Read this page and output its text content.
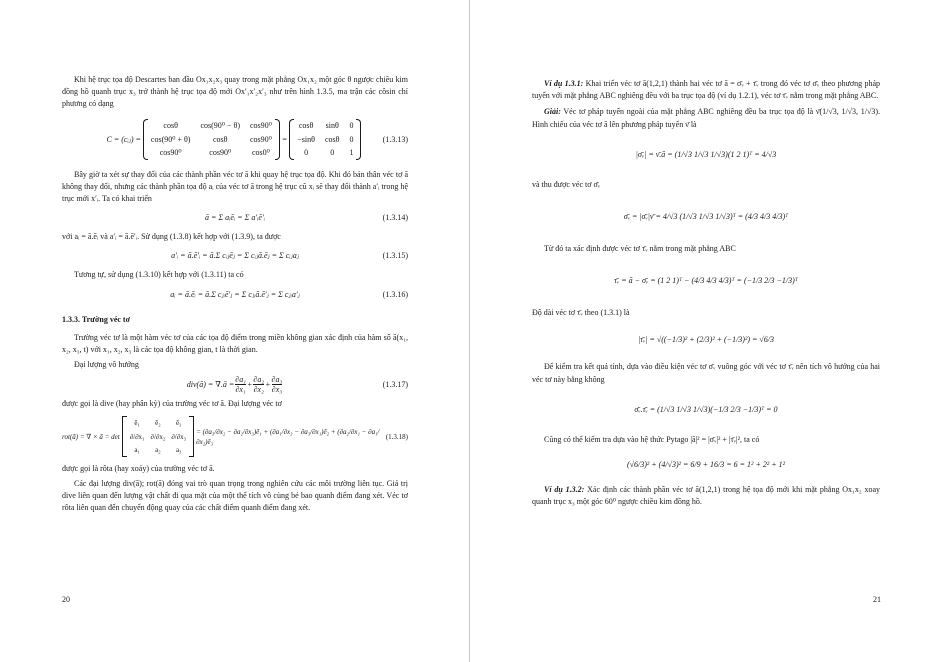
Khi hệ trục tọa độ Descartes ban đầu Ox₁x₂x₃ quay trong mặt phẳng Ox₁x₂ một góc θ ngược chiều kim đồng hồ quanh trục x₃ trở thành hệ trục tọa độ mới Ox′₁x′₂x′₃ như trên hình 1.3.5, ma trận các côsin chỉ phương có dạng

C = (cᵢⱼ) =
cosθ	cos(90⁰ − θ) cos90⁰
cos(90⁰ + θ)	cosθ	cos90⁰
cos90⁰	cos90⁰	cos0⁰
=
cosθ sinθ 0
−sinθ cosθ 0
0	0	1
(1.3.13)

Bây giờ ta xét sự thay đổi của các thành phần véc tơ ā khi quay hệ trục tọa độ. Khi đó bản thân véc tơ ā không thay đổi, nhưng các thành phần tọa độ aᵢ của véc tơ ā trong hệ trục cũ xᵢ sẽ thay đổi thành a′ᵢ trong hệ trục mới x′ᵢ. Ta có khai triển

ā = Σ aᵢēᵢ = Σ a′ᵢē′ᵢ	(1.3.14)

với aᵢ = ā.ēᵢ và a′ᵢ = ā.ē′ᵢ. Sử dụng (1.3.8) kết hợp với (1.3.9), ta được

a′ᵢ = ā.ē′ᵢ = ā.Σ cᵢⱼēⱼ = Σ cᵢⱼā.ēⱼ = Σ cᵢⱼaⱼ	(1.3.15)

Tương tự, sử dụng (1.3.10) kết hợp với (1.3.11) ta có

aᵢ = ā.ēᵢ = ā.Σ cⱼᵢē′ⱼ = Σ cⱼᵢā.ē′ⱼ = Σ cⱼᵢa′ⱼ	(1.3.16)
1.3.3. Trường véc tơ

Trường véc tơ là một hàm véc tơ của các tọa độ điểm trong miền không gian xác định của hàm số ā(x₁, x₂, x₃, t) với x₁, x₂, x₃ là các tọa độ không gian, t là thời gian.

Đại lượng vô hướng

div(ā) = ∇.ā = $\frac{\text{∂a₁}}{\text{∂x₁}} + \frac{\text{∂a₂}}{\text{∂x₂}} + \frac{\text{∂a₃}}{\text{∂x₃}}$	(1.3.17)

được gọi là dive (hay phân kỳ) của trường véc tơ ā. Đại lượng véc tơ

rot(ā) = ∇ × ā = det
ē₁	ē₂	ē₃
∂/∂x₁ ∂/∂x₂ ∂/∂x₃
a₁	a₂	a₃
= (∂a₃/∂x₂ − ∂a₂/∂x₃)ē₁ + (∂a₁/∂x₃ − ∂a₃/∂x₁)ē₂ + (∂a₂/∂x₁ − ∂a₁/∂x₂)ē₃
(1.3.18)

được gọi là rôta (hay xoáy) của trường véc tơ ā.

Các đại lượng div(ā); rot(ā) đóng vai trò quan trọng trong nghiên cứu các môi trường liên tục. Giá trị dive liên quan đến lượng vật chất đi qua mặt của một thể tích vô cùng bé bao quanh điểm đang xét. Véc tơ rôta liên quan đến chuyển động quay của các chất điểm quanh điểm đang xét.

20

Ví dụ 1.3.1: Khai triển véc tơ ā(1,2,1) thành hai véc tơ ā = σ̄ᵥ + τ̄ᵥ trong đó véc tơ σ̄ᵥ theo phương pháp tuyến với mặt phẳng ABC nghiêng đều với ba trục tọa độ (ví dụ 1.2.1), véc tơ τ̄ᵥ nằm trong mặt phẳng ABC.

Giải: Véc tơ pháp tuyến ngoài của mặt phẳng ABC nghiêng đều ba trục tọa độ là ν̄(1/√3, 1/√3, 1/√3). Hình chiếu của véc tơ ā lên phương pháp tuyến ν̄ là

|σ̄ᵥ| = ν̄.ā = (1/√3 1/√3 1/√3)(1 2 1)ᵀ = 4/√3

và thu được véc tơ σ̄ᵥ

σ̄ᵥ = |σ̄ᵥ|ν̄ = 4/√3 (1/√3 1/√3 1/√3)ᵀ = (4/3 4/3 4/3)ᵀ

Từ đó ta xác định được véc tơ τ̄ᵥ nằm trong mặt phẳng ABC

τ̄ᵥ = ā − σ̄ᵥ = (1 2 1)ᵀ − (4/3 4/3 4/3)ᵀ = (−1/3 2/3 −1/3)ᵀ

Độ dài véc tơ τ̄ᵥ theo (1.3.1) là

|τ̄ᵥ| = √((−1/3)² + (2/3)² + (−1/3)²) = √6/3

Để kiểm tra kết quả tính, dựa vào điều kiện véc tơ σ̄ᵥ vuông góc với véc tơ τ̄ᵥ nên tích vô hướng của hai véc tơ này bằng không

σ̄ᵥ.τ̄ᵥ = (1/√3 1/√3 1/√3)(−1/3 2/3 −1/3)ᵀ = 0

Cũng có thể kiểm tra dựa vào hệ thức Pytago |ā|² = |σ̄ᵥ|² + |τ̄ᵥ|², ta có

(√6/3)² + (4/√3)² = 6/9 + 16/3 = 6 = 1² + 2² + 1²

Ví dụ 1.3.2: Xác định các thành phần véc tơ ā(1,2,1) trong hệ tọa độ mới khi mặt phẳng Ox₁x₂ xoay quanh trục x₃ một góc 60⁰ ngược chiều kim đồng hồ.

21
